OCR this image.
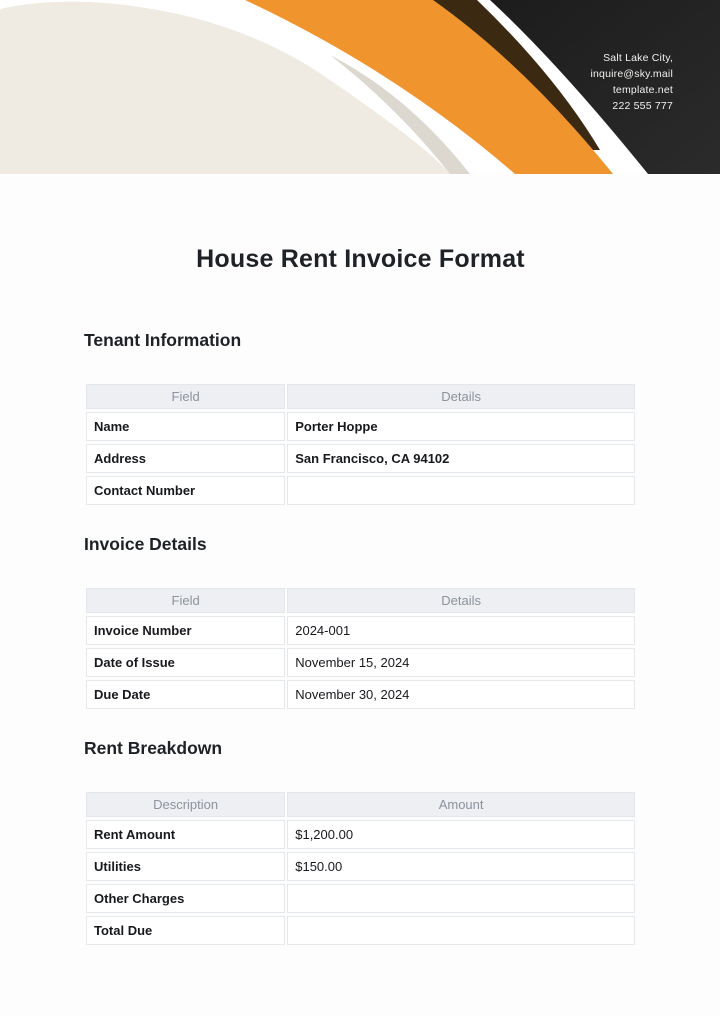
Salt Lake City,
inquire@sky.mail
template.net
222 555 777
House Rent Invoice Format
Tenant Information
Field	Details
Name	Porter Hoppe
Address	San Francisco, CA 94102
Contact Number	
Invoice Details
Field	Details
Invoice Number	2024-001
Date of Issue	November 15, 2024
Due Date	November 30, 2024
Rent Breakdown
Description	Amount
Rent Amount	$1,200.00
Utilities	$150.00
Other Charges	
Total Due	
